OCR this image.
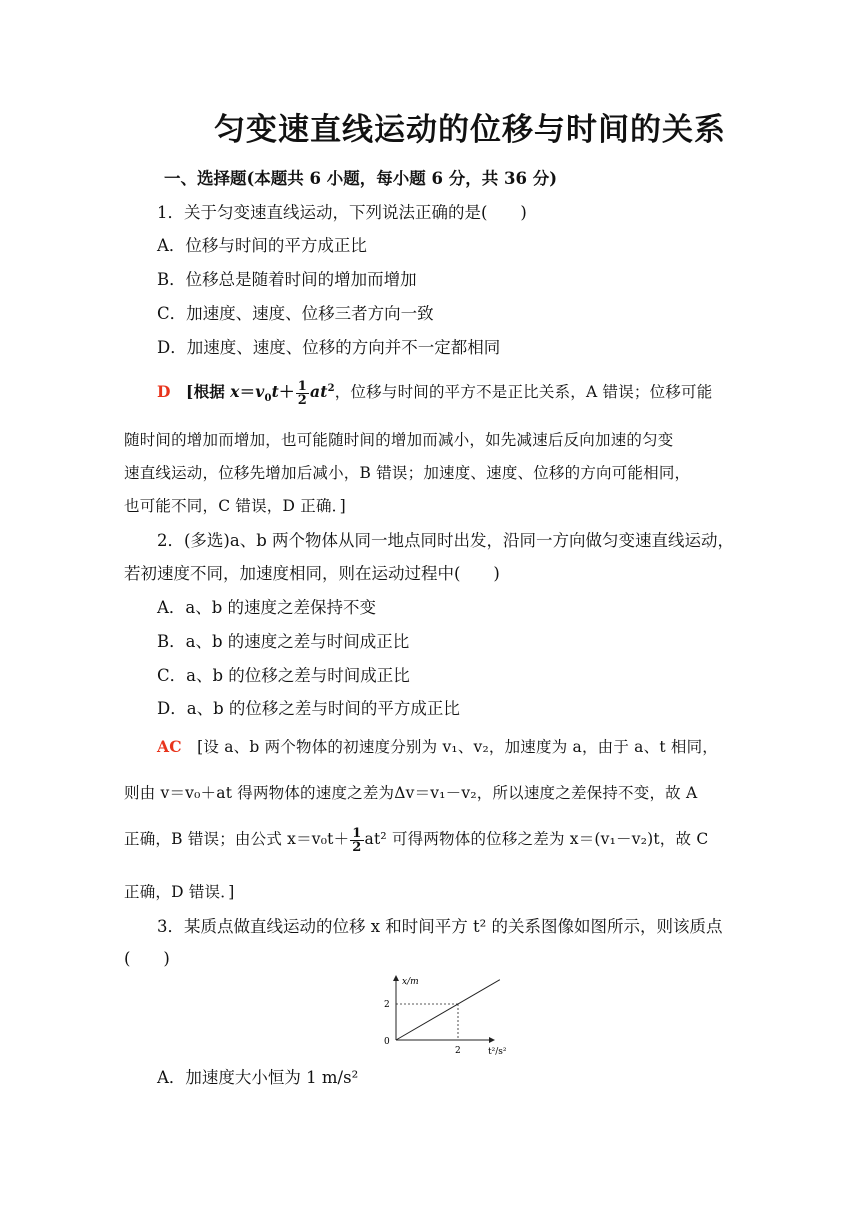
匀变速直线运动的位移与时间的关系
一、选择题(本题共 6 小题，每小题 6 分，共 36 分)
1．关于匀变速直线运动，下列说法正确的是(　　)
A．位移与时间的平方成正比
B．位移总是随着时间的增加而增加
C．加速度、速度、位移三者方向一致
D．加速度、速度、位移的方向并不一定都相同
D [根据 $x=v_0t+ \frac{1}{2} at^2$，位移与时间的平方不是正比关系，A 错误；位移可能
随时间的增加而增加，也可能随时间的增加而减小，如先减速后反向加速的匀变
速直线运动，位移先增加后减小，B 错误；加速度、速度、位移的方向可能相同，
也可能不同，C 错误，D 正确．]
2．(多选)a、b 两个物体从同一地点同时出发，沿同一方向做匀变速直线运动，
若初速度不同，加速度相同，则在运动过程中(　　)
A．a、b 的速度之差保持不变
B．a、b 的速度之差与时间成正比
C．a、b 的位移之差与时间成正比
D．a、b 的位移之差与时间的平方成正比
AC [设 a、b 两个物体的初速度分别为 v₁、v₂，加速度为 a，由于 a、t 相同，
则由 v＝v₀＋at 得两物体的速度之差为Δv＝v₁－v₂，所以速度之差保持不变，故 A
正确，B 错误；由公式 $x=v_0t+ \frac{1}{2} at^2$ 可得两物体的位移之差为 x＝(v₁－v₂)t，故 C
正确，D 错误．]
3．某质点做直线运动的位移 x 和时间平方 t² 的关系图像如图所示，则该质点
(　　)
0
2
2
x/m
t²/s²
A．加速度大小恒为 1 m/s²
